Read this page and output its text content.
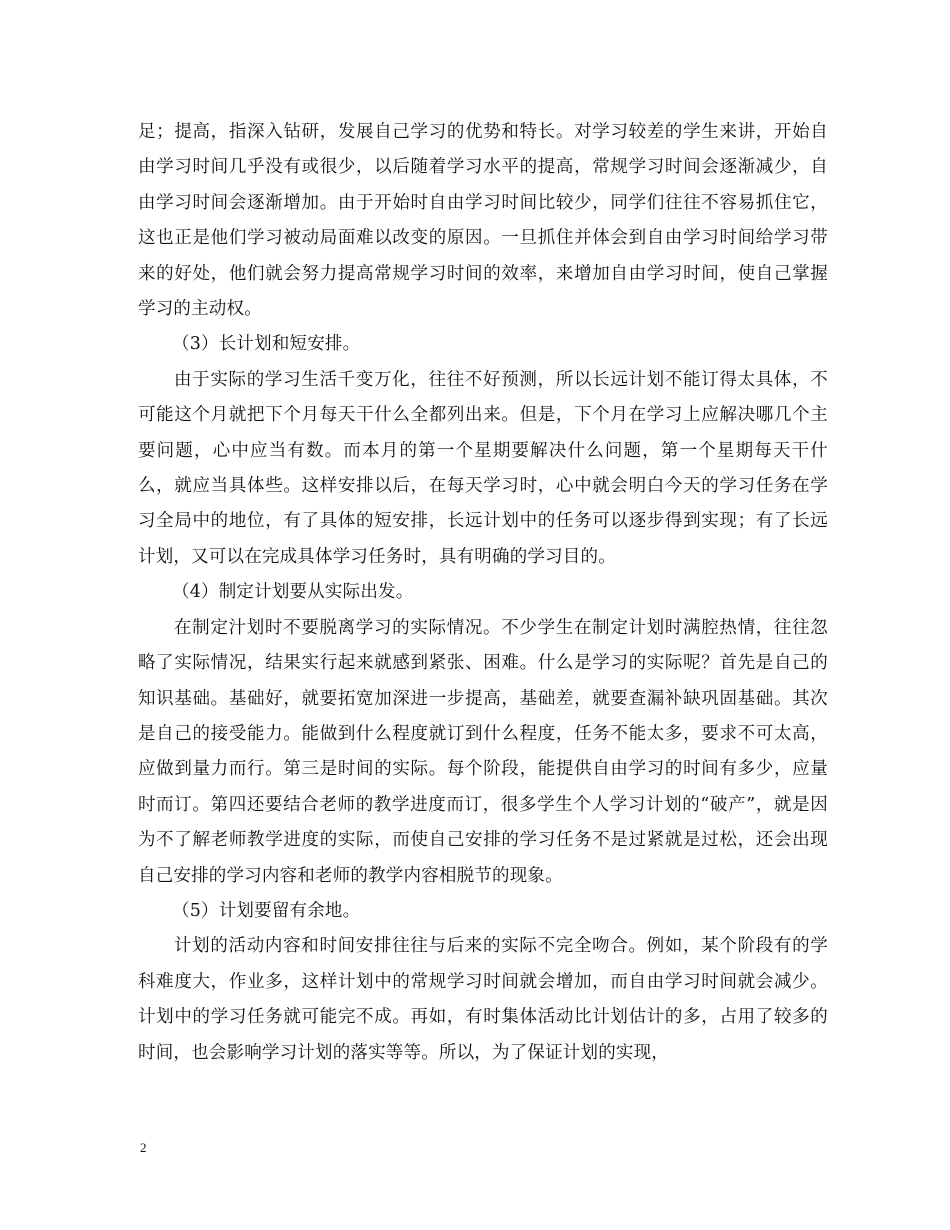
足；提高，指深入钻研，发展自己学习的优势和特长。对学习较差的学生来讲，开始自由学习时间几乎没有或很少，以后随着学习水平的提高，常规学习时间会逐渐减少，自由学习时间会逐渐增加。由于开始时自由学习时间比较少，同学们往往不容易抓住它，这也正是他们学习被动局面难以改变的原因。一旦抓住并体会到自由学习时间给学习带来的好处，他们就会努力提高常规学习时间的效率，来增加自由学习时间，使自己掌握学习的主动权。

（3）长计划和短安排。

由于实际的学习生活千变万化，往往不好预测，所以长远计划不能订得太具体，不可能这个月就把下个月每天干什么全都列出来。但是，下个月在学习上应解决哪几个主要问题，心中应当有数。而本月的第一个星期要解决什么问题，第一个星期每天干什么，就应当具体些。这样安排以后，在每天学习时，心中就会明白今天的学习任务在学习全局中的地位，有了具体的短安排，长远计划中的任务可以逐步得到实现；有了长远计划，又可以在完成具体学习任务时，具有明确的学习目的。

（4）制定计划要从实际出发。

在制定汁划时不要脱离学习的实际情况。不少学生在制定计划时满腔热情，往往忽略了实际情况，结果实行起来就感到紧张、困难。什么是学习的实际呢？首先是自己的知识基础。基础好，就要拓宽加深进一步提高，基础差，就要查漏补缺巩固基础。其次是自己的接受能力。能做到什么程度就订到什么程度，任务不能太多，要求不可太高，应做到量力而行。第三是时间的实际。每个阶段，能提供自由学习的时间有多少，应量时而订。第四还要结合老师的教学进度而订，很多学生个人学习计划的“破产”，就是因为不了解老师教学进度的实际，而使自己安排的学习任务不是过紧就是过松，还会出现自己安排的学习内容和老师的教学内容相脱节的现象。

（5）计划要留有余地。

计划的活动内容和时间安排往往与后来的实际不完全吻合。例如，某个阶段有的学科难度大，作业多，这样计划中的常规学习时间就会增加，而自由学习时间就会减少。计划中的学习任务就可能完不成。再如，有时集体活动比计划估计的多，占用了较多的时间，也会影响学习计划的落实等等。所以，为了保证计划的实现，

2
